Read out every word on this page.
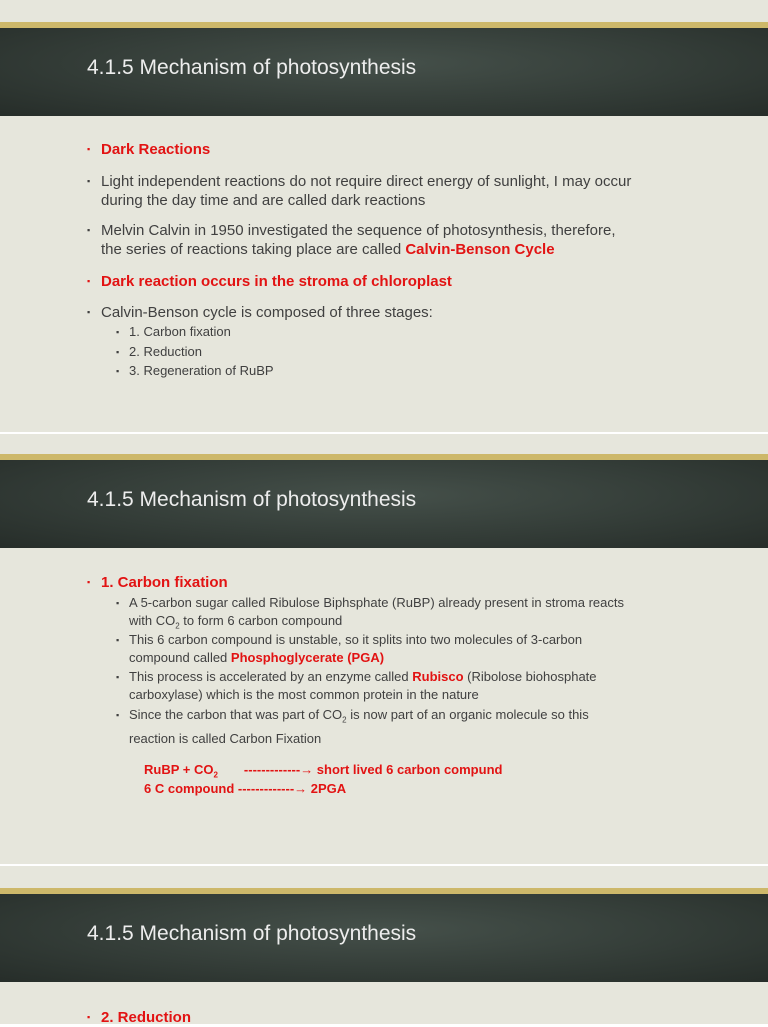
4.1.5 Mechanism of photosynthesis
▪ Dark Reactions
▪ Light independent reactions do not require direct energy of sunlight, I may occur
during the day time and are called dark reactions
▪ Melvin Calvin in 1950 investigated the sequence of photosynthesis, therefore,
the series of reactions taking place are called Calvin-Benson Cycle
▪ Dark reaction occurs in the stroma of chloroplast
▪ Calvin-Benson cycle is composed of three stages:
▪ 1. Carbon fixation
▪ 2. Reduction
▪ 3. Regeneration of RuBP
4.1.5 Mechanism of photosynthesis
▪ 1. Carbon fixation
▪ A 5-carbon sugar called Ribulose Biphsphate (RuBP) already present in stroma reacts
with $CO_2$ to form 6 carbon compound
▪ This 6 carbon compound is unstable, so it splits into two molecules of 3-carbon
compound called Phosphoglycerate (PGA)
▪ This process is accelerated by an enzyme called Rubisco (Ribolose biohosphate
carboxylase) which is the most common protein in the nature
▪ Since the carbon that was part of $CO_2$ is now part of an organic molecule so this
reaction is called Carbon Fixation
RuBP + $CO_2$ -------------→ short lived 6 carbon compund
6 C compound -------------→ 2PGA
4.1.5 Mechanism of photosynthesis
▪ 2. Reduction
